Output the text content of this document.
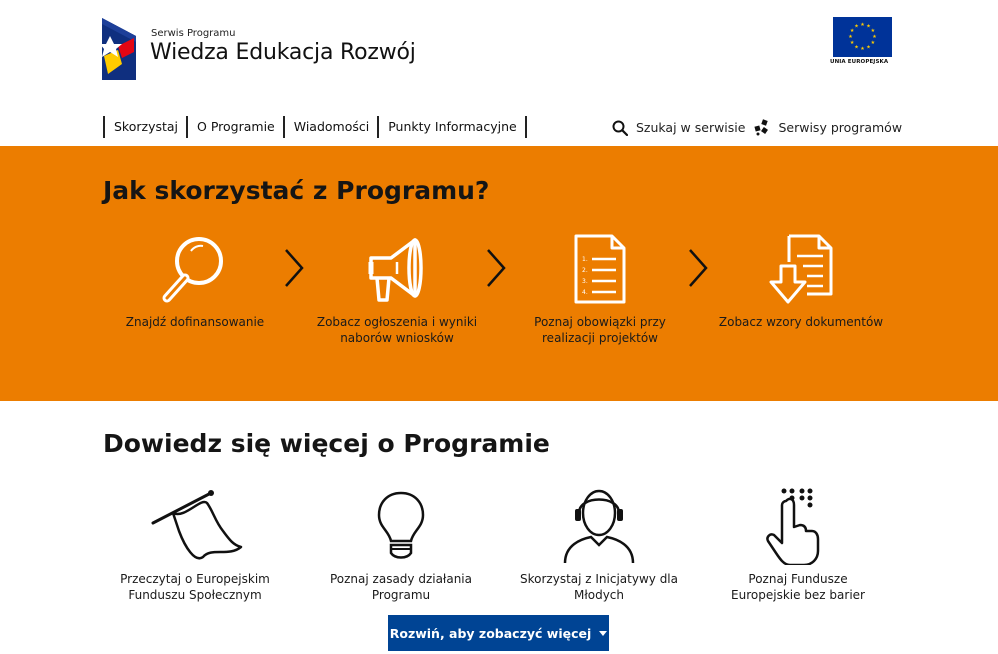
Serwis Programu
Wiedza Edukacja Rozwój
★ ★
★
★
★
★
★
★
★
★
★
★
UNIA EUROPEJSKA
Skorzystaj	O Programie	Wiadomości	Punkty Informacyjne	Szukaj w serwisie	Serwisy programów
Jak skorzystać z Programu?
Znajdź dofinansowanie	Zobacz ogłoszenia i wyniki naborów wniosków
1.
2.
3.
4.
Poznaj obowiązki przy realizacji projektów
Zobacz wzory dokumentów
Dowiedz się więcej o Programie
Przeczytaj o Europejskim Funduszu Społecznym
Poznaj zasady działania Programu
Skorzystaj z Inicjatywy dla Młodych
Poznaj Fundusze Europejskie bez barier
Rozwiń, aby zobaczyć więcej
